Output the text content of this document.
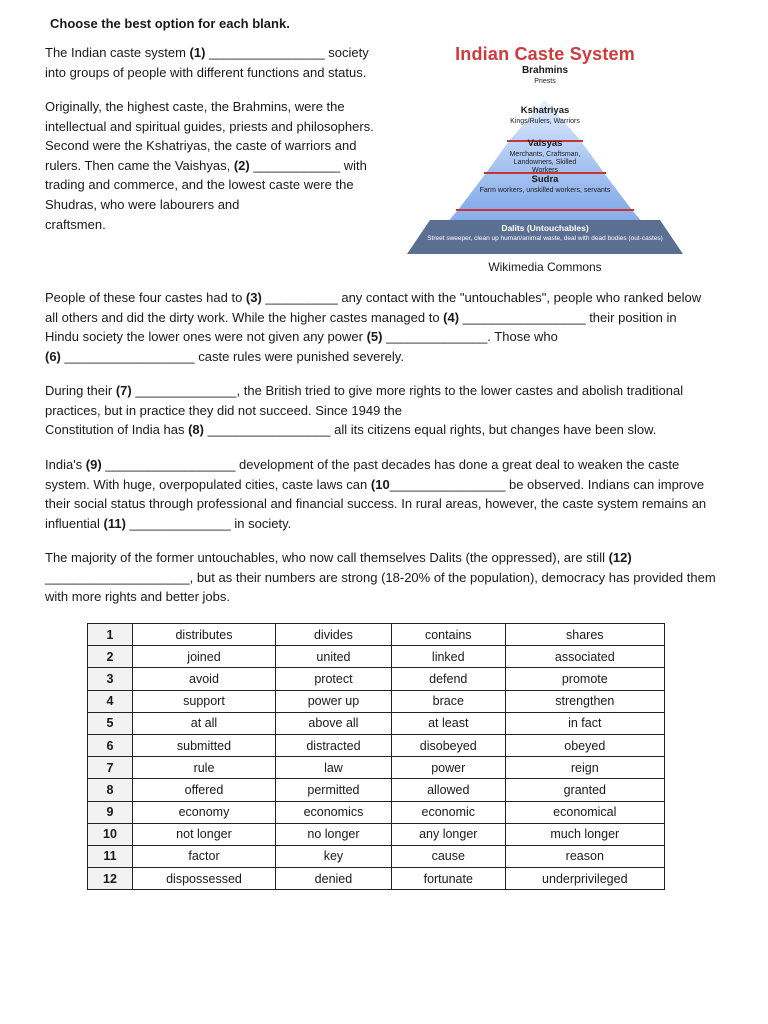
Choose the best option for each blank.
The Indian caste system (1) ________________ society
into groups of people with different functions and status.
Originally, the highest caste, the Brahmins, were the
intellectual and spiritual guides, priests and philosophers.
Second were the Kshatriyas, the caste of warriors and
rulers. Then came the Vaishyas, (2) ____________ with
trading and commerce, and the lowest caste were the
Shudras, who were labourers and
craftsmen.
Indian Caste System
Brahmins
Priests
Kshatriyas
Kings/Rulers, Warriors
Vaisyas
Merchants, Craftsman, Landowners, Skilled Workers
Sudra
Farm workers, unskilled workers, servants
Dalits (Untouchables)
Street sweeper, clean up human/animal waste, deal with dead bodies (out-castes)
Wikimedia Commons
People of these four castes had to (3) __________ any contact with the "untouchables", people who ranked below
all others and did the dirty work. While the higher castes managed to (4) _________________ their position in
Hindu society the lower ones were not given any power (5) ______________. Those who
(6) __________________ caste rules were punished severely.
During their (7) ______________, the British tried to give more rights to the lower castes and abolish traditional
practices, but in practice they did not succeed. Since 1949 the
Constitution of India has (8) _________________ all its citizens equal rights, but changes have been slow.
India's (9) __________________ development of the past decades has done a great deal to weaken the caste
system. With huge, overpopulated cities, caste laws can (10________________ be observed. Indians can improve
their social status through professional and financial success. In rural areas, however, the caste system remains an
influential (11) ______________ in society.
The majority of the former untouchables, who now call themselves Dalits (the oppressed), are still (12)
____________________, but as their numbers are strong (18-20% of the population), democracy has provided them
with more rights and better jobs.
1	distributes	divides	contains	shares
2	joined	united	linked	associated
3	avoid	protect	defend	promote
4	support	power up	brace	strengthen
5	at all	above all	at least	in fact
6	submitted	distracted	disobeyed	obeyed
7	rule	law	power	reign
8	offered	permitted	allowed	granted
9	economy	economics	economic	economical
10	not longer	no longer	any longer	much longer
11	factor	key	cause	reason
12	dispossessed	denied	fortunate	underprivileged
